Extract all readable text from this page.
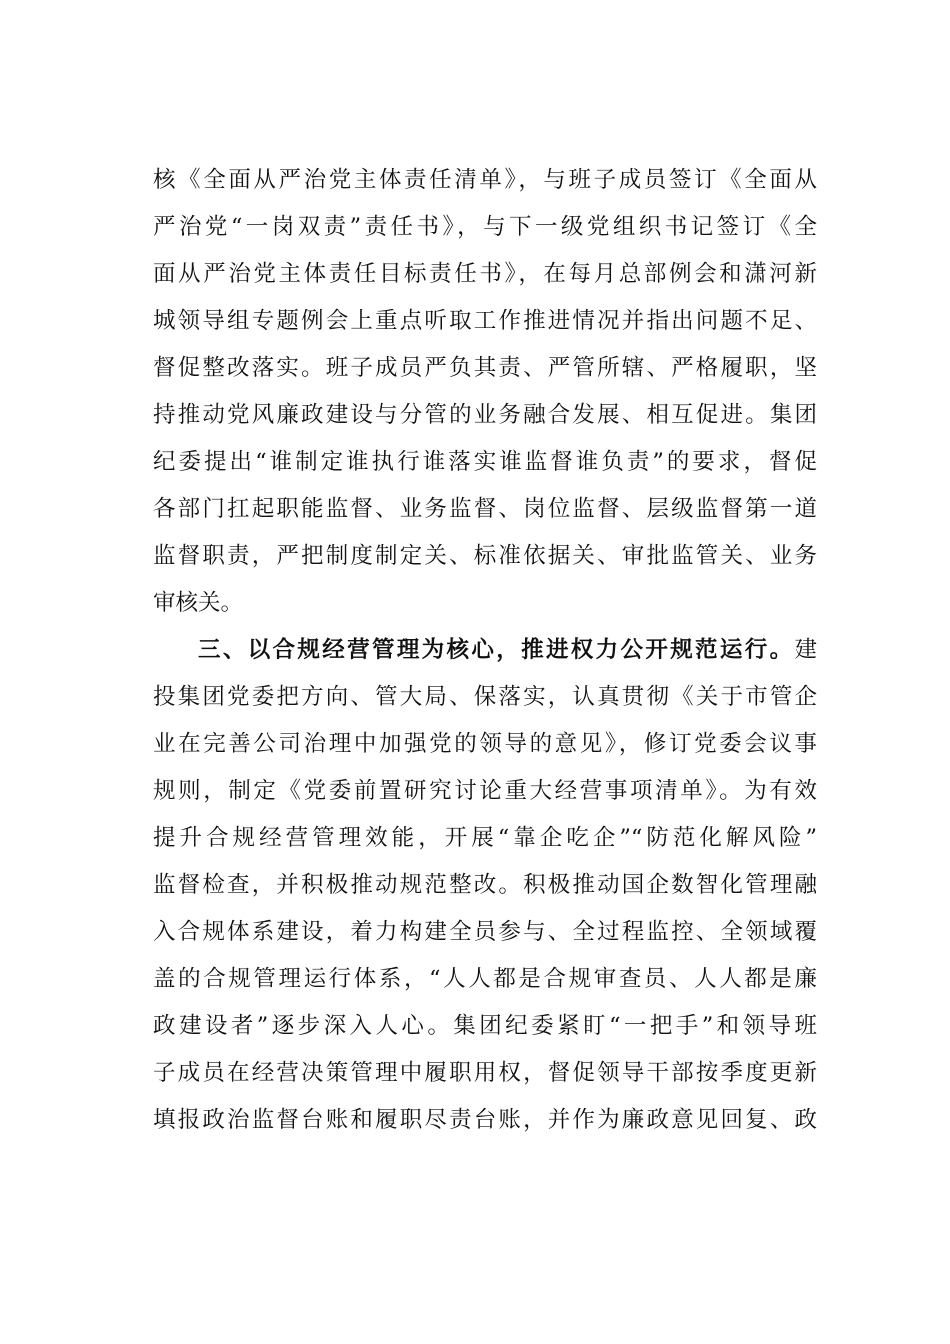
核《全面从严治党主体责任清单》，与班子成员签订《全面从
严治党“一岗双责”责任书》，与下一级党组织书记签订《全
面从严治党主体责任目标责任书》，在每月总部例会和潇河新
城领导组专题例会上重点听取工作推进情况并指出问题不足、
督促整改落实。班子成员严负其责、严管所辖、严格履职，坚
持推动党风廉政建设与分管的业务融合发展、相互促进。集团
纪委提出“谁制定谁执行谁落实谁监督谁负责”的要求，督促
各部门扛起职能监督、业务监督、岗位监督、层级监督第一道
监督职责，严把制度制定关、标准依据关、审批监管关、业务
审核关。
三、以合规经营管理为核心，推进权力公开规范运行。建
投集团党委把方向、管大局、保落实，认真贯彻《关于市管企
业在完善公司治理中加强党的领导的意见》，修订党委会议事
规则，制定《党委前置研究讨论重大经营事项清单》。为有效
提升合规经营管理效能，开展“靠企吃企”“防范化解风险”
监督检查，并积极推动规范整改。积极推动国企数智化管理融
入合规体系建设，着力构建全员参与、全过程监控、全领域覆
盖的合规管理运行体系，“人人都是合规审查员、人人都是廉
政建设者”逐步深入人心。集团纪委紧盯“一把手”和领导班
子成员在经营决策管理中履职用权，督促领导干部按季度更新
填报政治监督台账和履职尽责台账，并作为廉政意见回复、政
